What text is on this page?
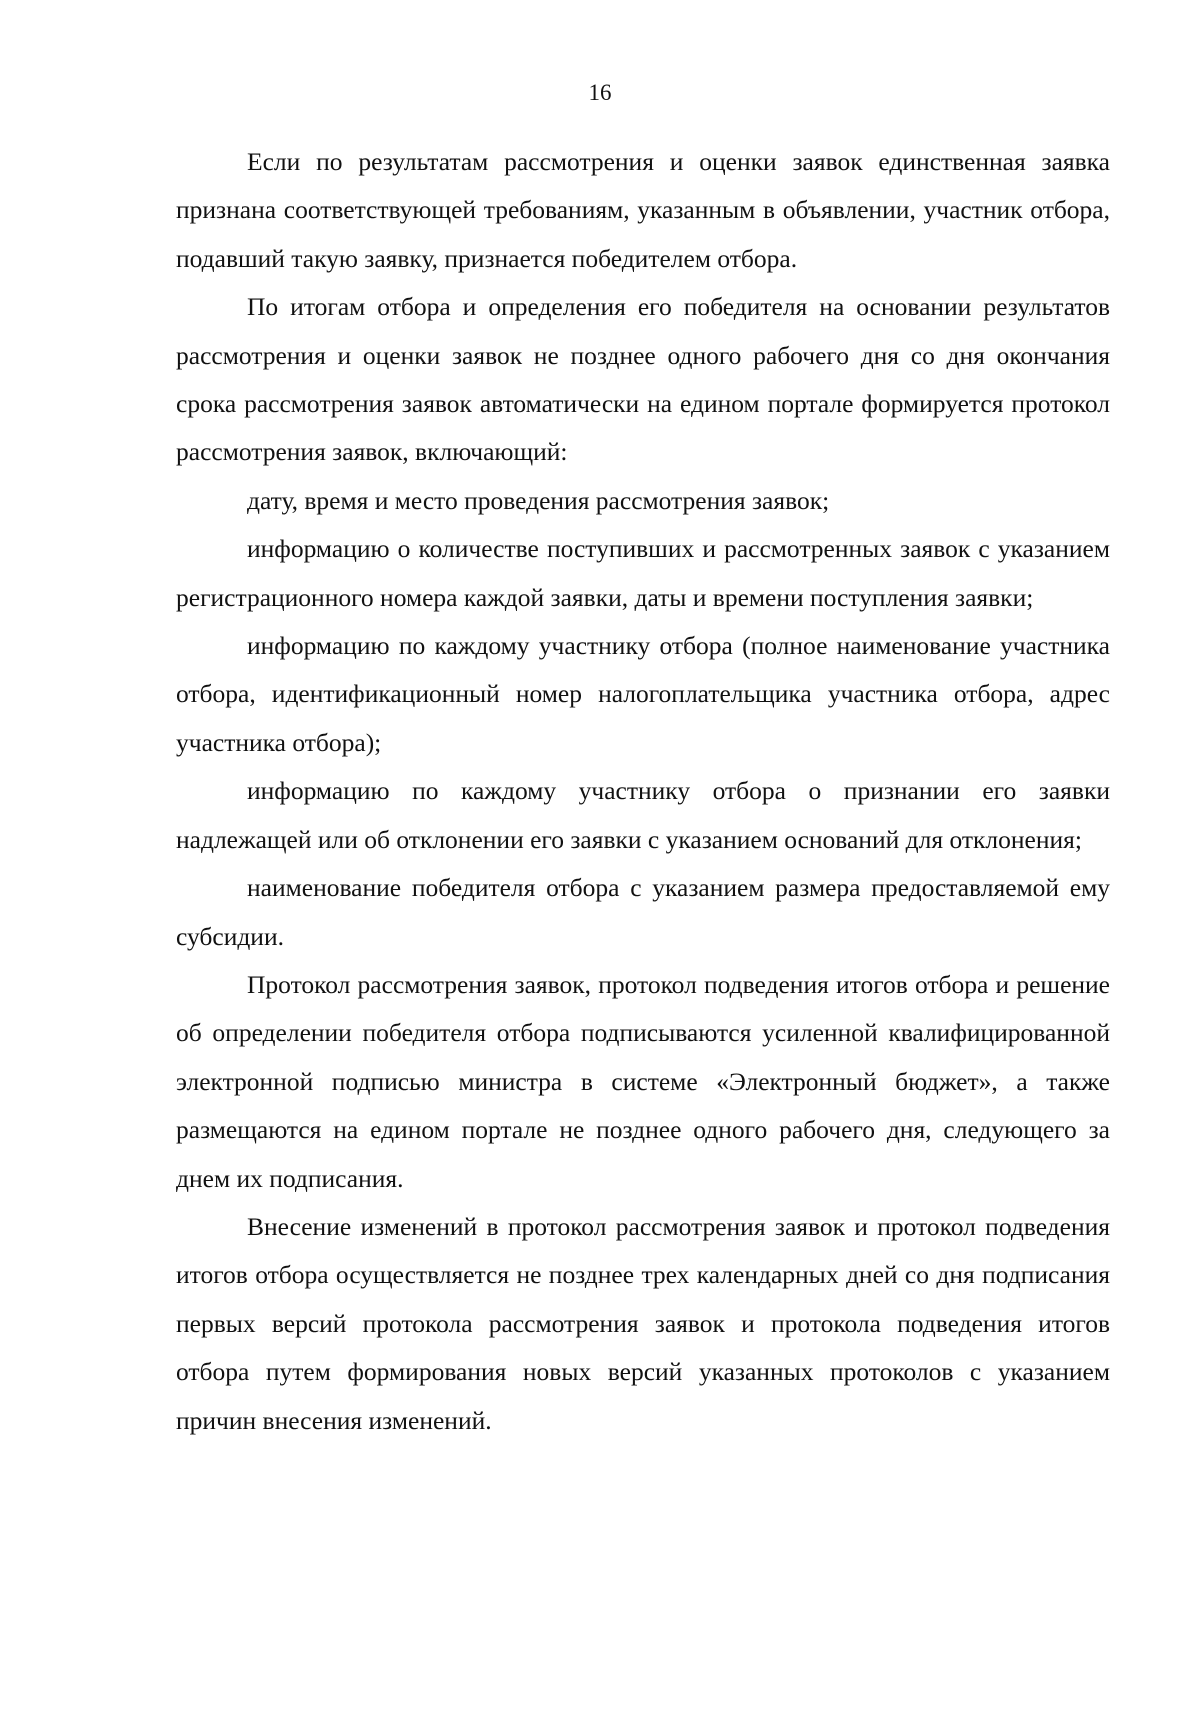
16

Если по результатам рассмотрения и оценки заявок единственная заявка признана соответствующей требованиям, указанным в объявлении, участник отбора, подавший такую заявку, признается победителем отбора.

По итогам отбора и определения его победителя на основании результатов рассмотрения и оценки заявок не позднее одного рабочего дня со дня окончания срока рассмотрения заявок автоматически на едином портале формируется протокол рассмотрения заявок, включающий:

дату, время и место проведения рассмотрения заявок;

информацию о количестве поступивших и рассмотренных заявок с указанием регистрационного номера каждой заявки, даты и времени поступления заявки;

информацию по каждому участнику отбора (полное наименование участника отбора, идентификационный номер налогоплательщика участника отбора, адрес участника отбора);

информацию по каждому участнику отбора о признании его заявки надлежащей или об отклонении его заявки с указанием оснований для отклонения;

наименование победителя отбора с указанием размера предоставляемой ему субсидии.

Протокол рассмотрения заявок, протокол подведения итогов отбора и решение об определении победителя отбора подписываются усиленной квалифицированной электронной подписью министра в системе «Электронный бюджет», а также размещаются на едином портале не позднее одного рабочего дня, следующего за днем их подписания.

Внесение изменений в протокол рассмотрения заявок и протокол подведения итогов отбора осуществляется не позднее трех календарных дней со дня подписания первых версий протокола рассмотрения заявок и протокола подведения итогов отбора путем формирования новых версий указанных протоколов с указанием причин внесения изменений.
